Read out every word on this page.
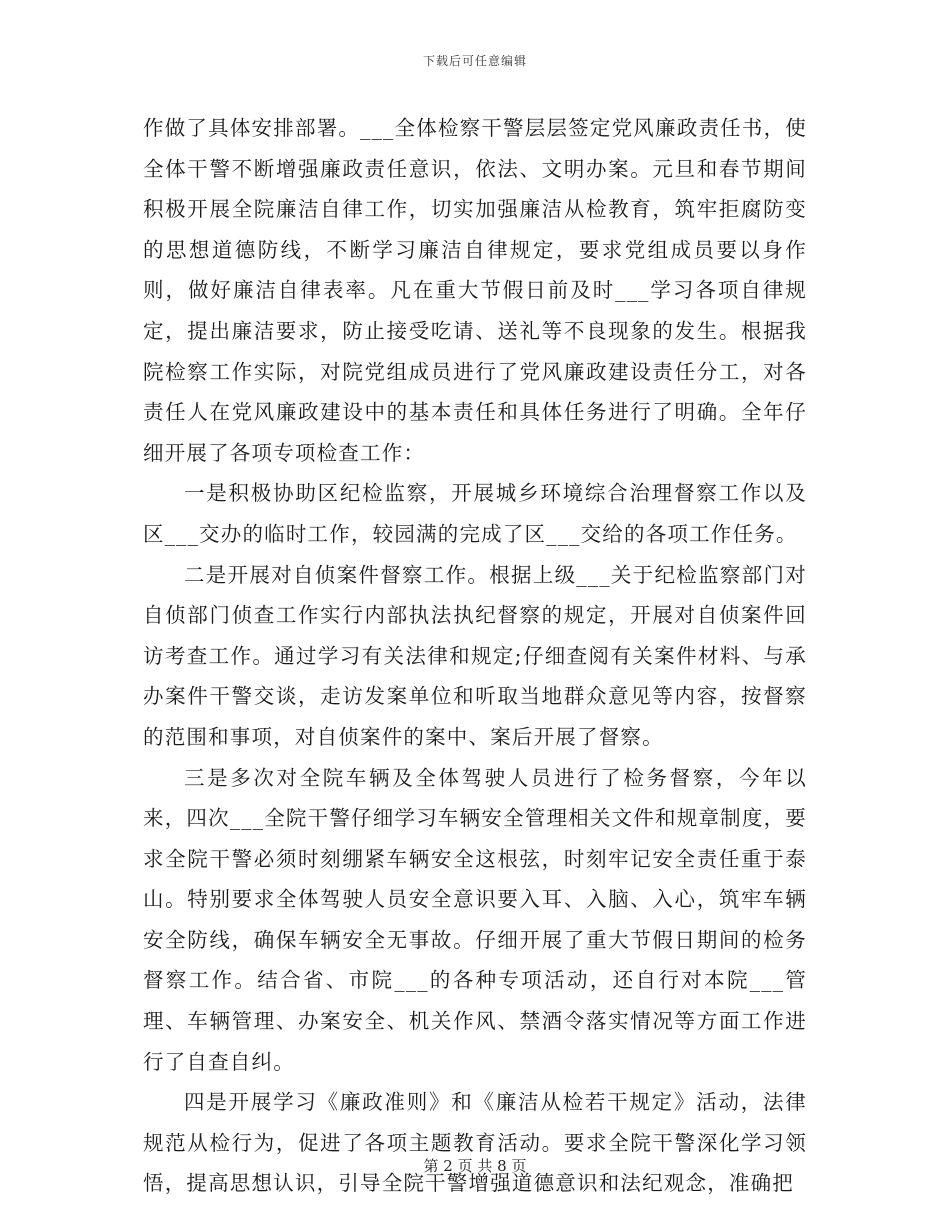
下载后可任意编辑

作做了具体安排部署。___全体检察干警层层签定党风廉政责任书，使全体干警不断增强廉政责任意识，依法、文明办案。元旦和春节期间积极开展全院廉洁自律工作，切实加强廉洁从检教育，筑牢拒腐防变的思想道德防线，不断学习廉洁自律规定，要求党组成员要以身作则，做好廉洁自律表率。凡在重大节假日前及时___学习各项自律规定，提出廉洁要求，防止接受吃请、送礼等不良现象的发生。根据我院检察工作实际，对院党组成员进行了党风廉政建设责任分工，对各责任人在党风廉政建设中的基本责任和具体任务进行了明确。全年仔细开展了各项专项检查工作：

一是积极协助区纪检监察，开展城乡环境综合治理督察工作以及区___交办的临时工作，较园满的完成了区___交给的各项工作任务。

二是开展对自侦案件督察工作。根据上级___关于纪检监察部门对自侦部门侦查工作实行内部执法执纪督察的规定，开展对自侦案件回访考查工作。通过学习有关法律和规定;仔细查阅有关案件材料、与承办案件干警交谈，走访发案单位和听取当地群众意见等内容，按督察的范围和事项，对自侦案件的案中、案后开展了督察。

三是多次对全院车辆及全体驾驶人员进行了检务督察，今年以来，四次___全院干警仔细学习车辆安全管理相关文件和规章制度，要求全院干警必须时刻绷紧车辆安全这根弦，时刻牢记安全责任重于泰山。特别要求全体驾驶人员安全意识要入耳、入脑、入心，筑牢车辆安全防线，确保车辆安全无事故。仔细开展了重大节假日期间的检务督察工作。结合省、市院___的各种专项活动，还自行对本院___管理、车辆管理、办案安全、机关作风、禁酒令落实情况等方面工作进行了自查自纠。

四是开展学习《廉政准则》和《廉洁从检若干规定》活动，法律规范从检行为，促进了各项主题教育活动。要求全院干警深化学习领悟，提高思想认识，引导全院干警增强道德意识和法纪观念，准确把

第 2 页 共 8 页
